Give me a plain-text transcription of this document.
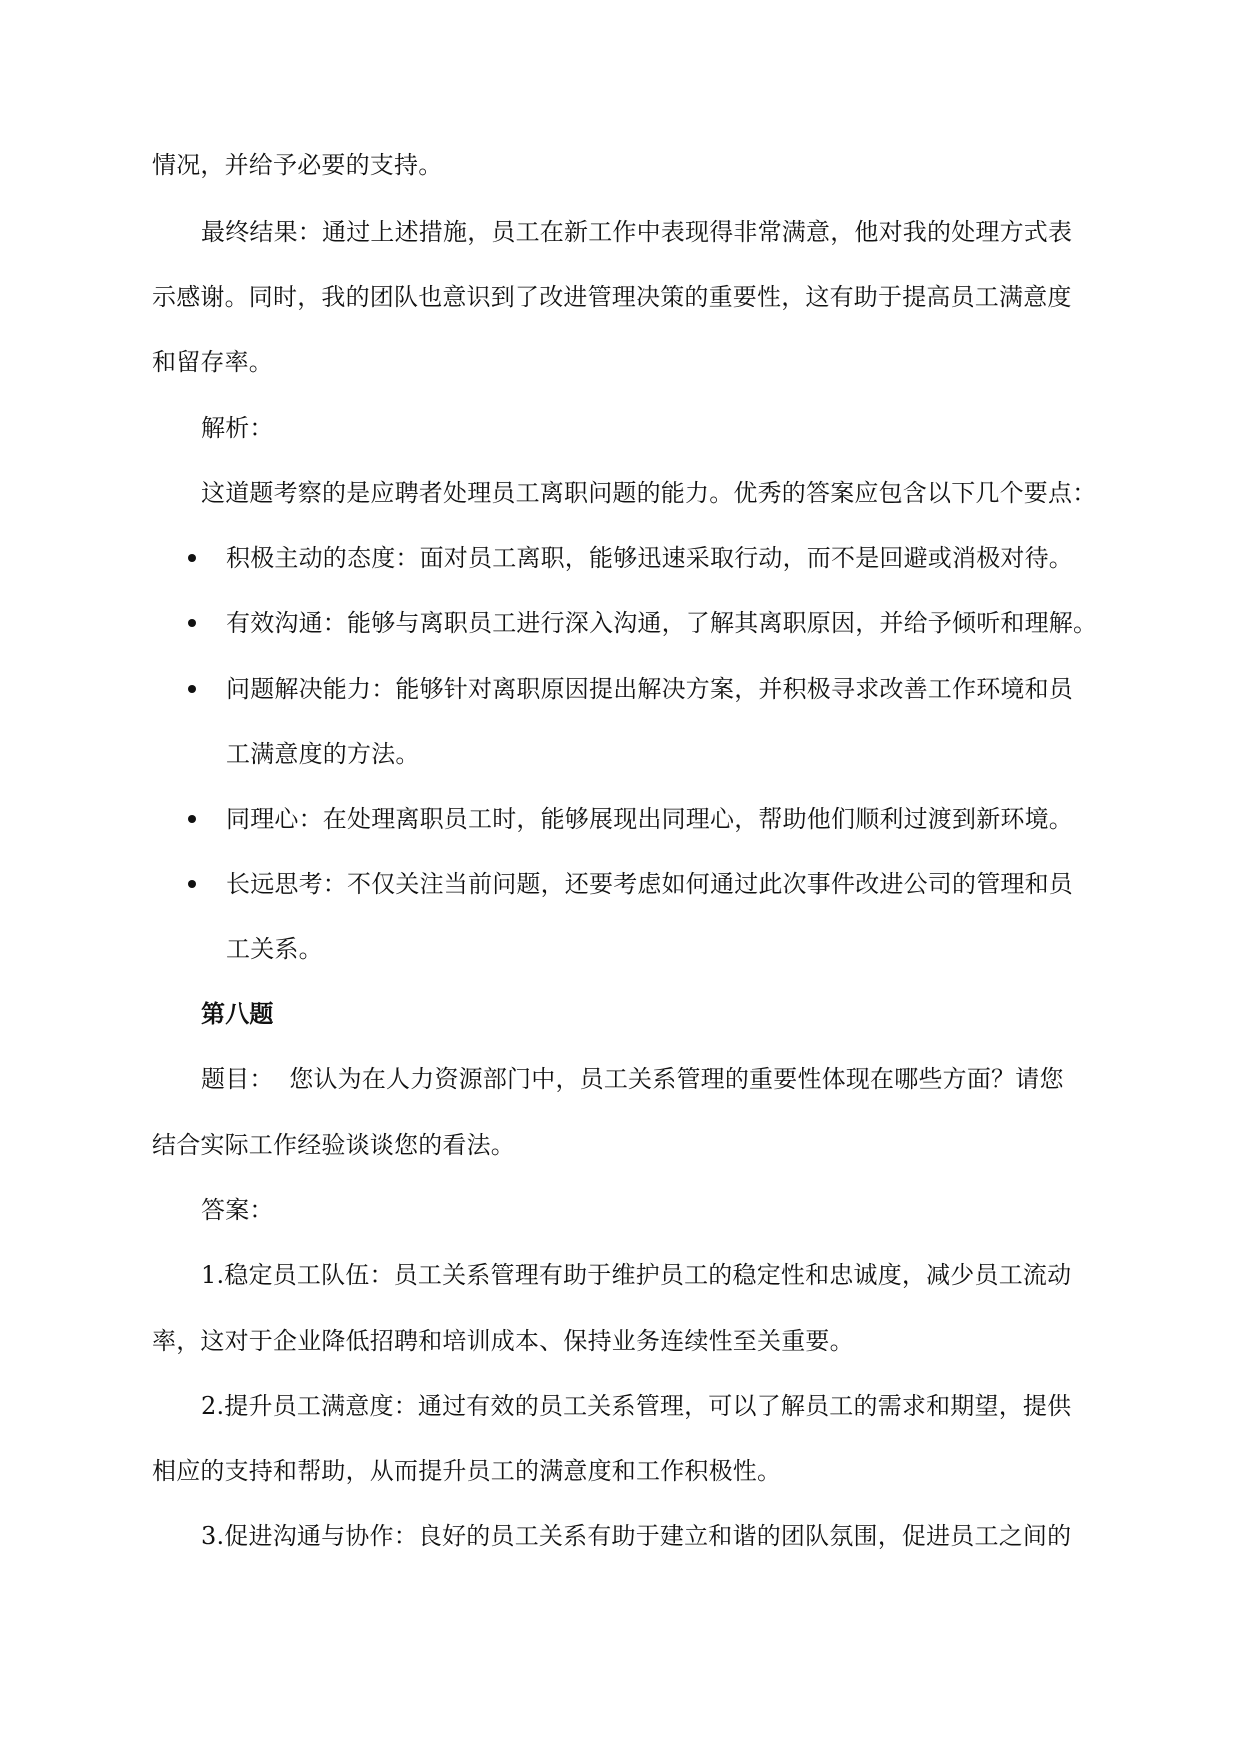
情况，并给予必要的支持。
最终结果：通过上述措施，员工在新工作中表现得非常满意，他对我的处理方式表
示感谢。同时，我的团队也意识到了改进管理决策的重要性，这有助于提高员工满意度
和留存率。
解析：
这道题考察的是应聘者处理员工离职问题的能力。优秀的答案应包含以下几个要点：
积极主动的态度：面对员工离职，能够迅速采取行动，而不是回避或消极对待。
有效沟通：能够与离职员工进行深入沟通，了解其离职原因，并给予倾听和理解。
问题解决能力：能够针对离职原因提出解决方案，并积极寻求改善工作环境和员
工满意度的方法。
同理心：在处理离职员工时，能够展现出同理心，帮助他们顺利过渡到新环境。
长远思考：不仅关注当前问题，还要考虑如何通过此次事件改进公司的管理和员
工关系。
第八题
题目：  您认为在人力资源部门中，员工关系管理的重要性体现在哪些方面？请您
结合实际工作经验谈谈您的看法。
答案：
1.稳定员工队伍：员工关系管理有助于维护员工的稳定性和忠诚度，减少员工流动
率，这对于企业降低招聘和培训成本、保持业务连续性至关重要。
2.提升员工满意度：通过有效的员工关系管理，可以了解员工的需求和期望，提供
相应的支持和帮助，从而提升员工的满意度和工作积极性。
3.促进沟通与协作：良好的员工关系有助于建立和谐的团队氛围，促进员工之间的
